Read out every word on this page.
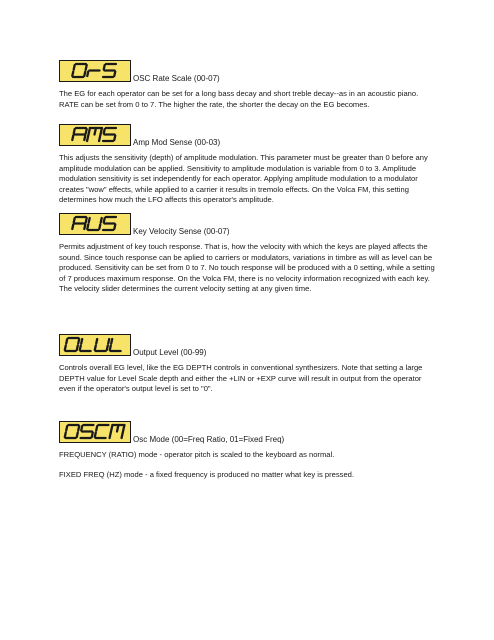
OSC Rate Scale (00-07)

The EG for each operator can be set for a long bass decay and short treble decay--as in an acoustic piano. RATE can be set from 0 to 7. The higher the rate, the shorter the decay on the EG becomes.

Amp Mod Sense (00-03)

This adjusts the sensitivity (depth) of amplitude modulation. This parameter must be greater than 0 before any amplitude modulation can be applied. Sensitivity to amplitude modulation is variable from 0 to 3. Amplitude modulation sensitivity is set independently for each operator. Applying amplitude modulation to a modulator creates "wow" effects, while applied to a carrier it results in tremolo effects. On the Volca FM, this setting determines how much the LFO affects this operator's amplitude.

Key Velocity Sense (00-07)

Permits adjustment of key touch response. That is, how the velocity with which the keys are played affects the sound. Since touch response can be aplied to carriers or modulators, variations in timbre as will as level can be produced. Sensitivity can be set from 0 to 7. No touch response will be produced with a 0 setting, while a setting of 7 produces maximum response. On the Volca FM, there is no velocity information recognized with each key. The velocity slider determines the current velocity setting at any given time.

Output Level (00-99)

Controls overall EG level, like the EG DEPTH controls in conventional synthesizers. Note that setting a large DEPTH value for Level Scale depth and either the +LIN or +EXP curve will result in output from the operator even if the operator's output level is set to "0".

Osc Mode (00=Freq Ratio, 01=Fixed Freq)

FREQUENCY (RATIO) mode - operator pitch is scaled to the keyboard as normal.

FIXED FREQ (HZ) mode - a fixed frequency is produced no matter what key is pressed.
